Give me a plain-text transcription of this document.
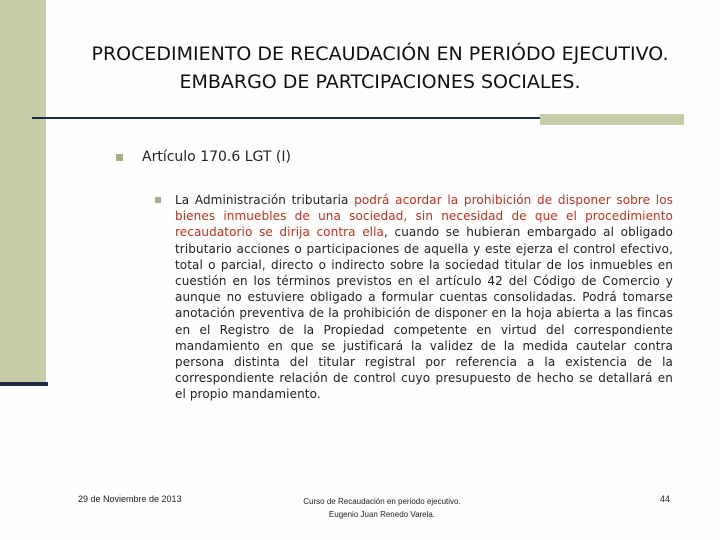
PROCEDIMIENTO DE RECAUDACIÓN EN PERIÓDO EJECUTIVO.
EMBARGO DE PARTCIPACIONES SOCIALES.
Artículo 170.6 LGT (I)
La Administración tributaria podrá acordar la prohibición de disponer sobre los bienes inmuebles de una sociedad, sin necesidad de que el procedimiento recaudatorio se dirija contra ella, cuando se hubieran embargado al obligado tributario acciones o participaciones de aquella y este ejerza el control efectivo, total o parcial, directo o indirecto sobre la sociedad titular de los inmuebles en cuestión en los términos previstos en el artículo 42 del Código de Comercio y aunque no estuviere obligado a formular cuentas consolidadas. Podrá tomarse anotación preventiva de la prohibición de disponer en la hoja abierta a las fincas en el Registro de la Propiedad competente en virtud del correspondiente mandamiento en que se justificará la validez de la medida cautelar contra persona distinta del titular registral por referencia a la existencia de la correspondiente relación de control cuyo presupuesto de hecho se detallará en el propio mandamiento.
29 de Noviembre de 2013	Curso de Recaudación en periodo ejecutivo.
Eugenio Juan Renedo Varela.
44
